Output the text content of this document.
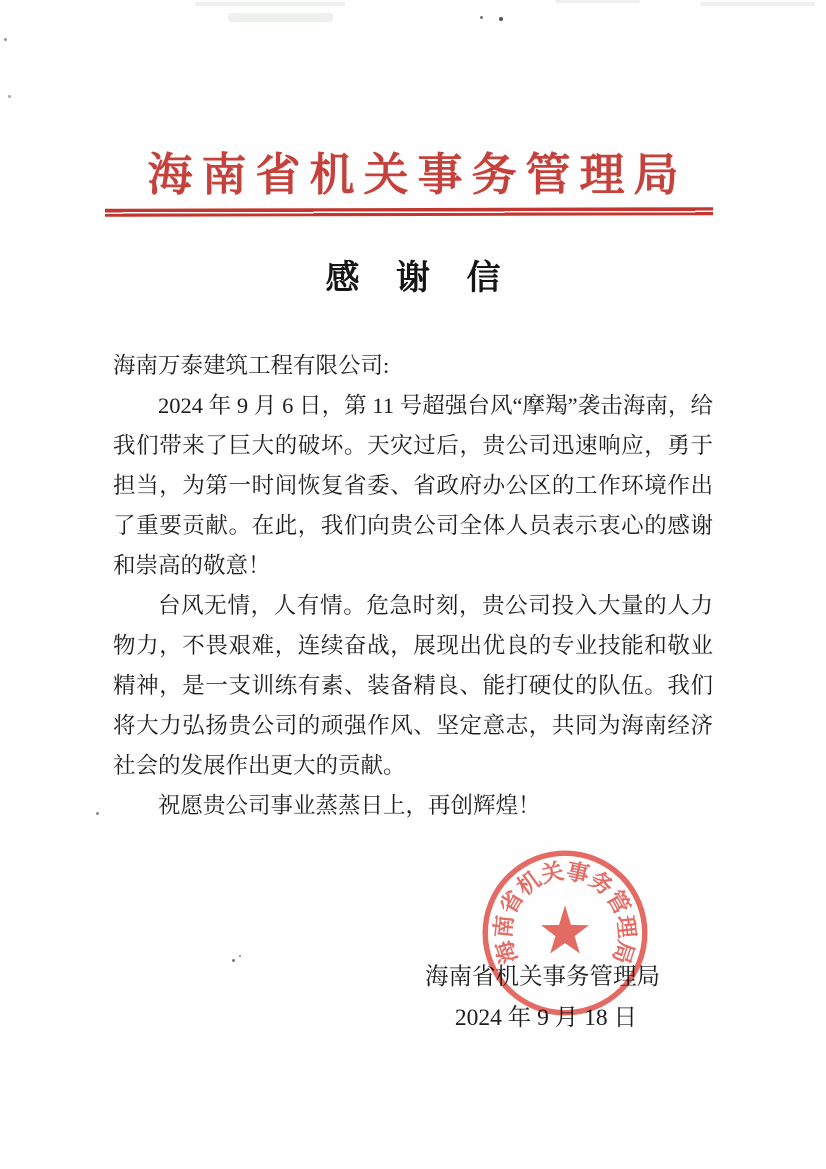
海南省机关事务管理局
感 谢 信

海南万泰建筑工程有限公司:

2024 年 9 月 6 日，第 11 号超强台风“摩羯”袭击海南，给我们带来了巨大的破坏。天灾过后，贵公司迅速响应，勇于担当，为第一时间恢复省委、省政府办公区的工作环境作出了重要贡献。在此，我们向贵公司全体人员表示衷心的感谢和崇高的敬意！

台风无情，人有情。危急时刻，贵公司投入大量的人力物力，不畏艰难，连续奋战，展现出优良的专业技能和敬业精神，是一支训练有素、装备精良、能打硬仗的队伍。我们将大力弘扬贵公司的顽强作风、坚定意志，共同为海南经济社会的发展作出更大的贡献。

祝愿贵公司事业蒸蒸日上，再创辉煌！

海南省机关事务管理局
2024 年 9 月 18 日
海南省机关事务管理局
